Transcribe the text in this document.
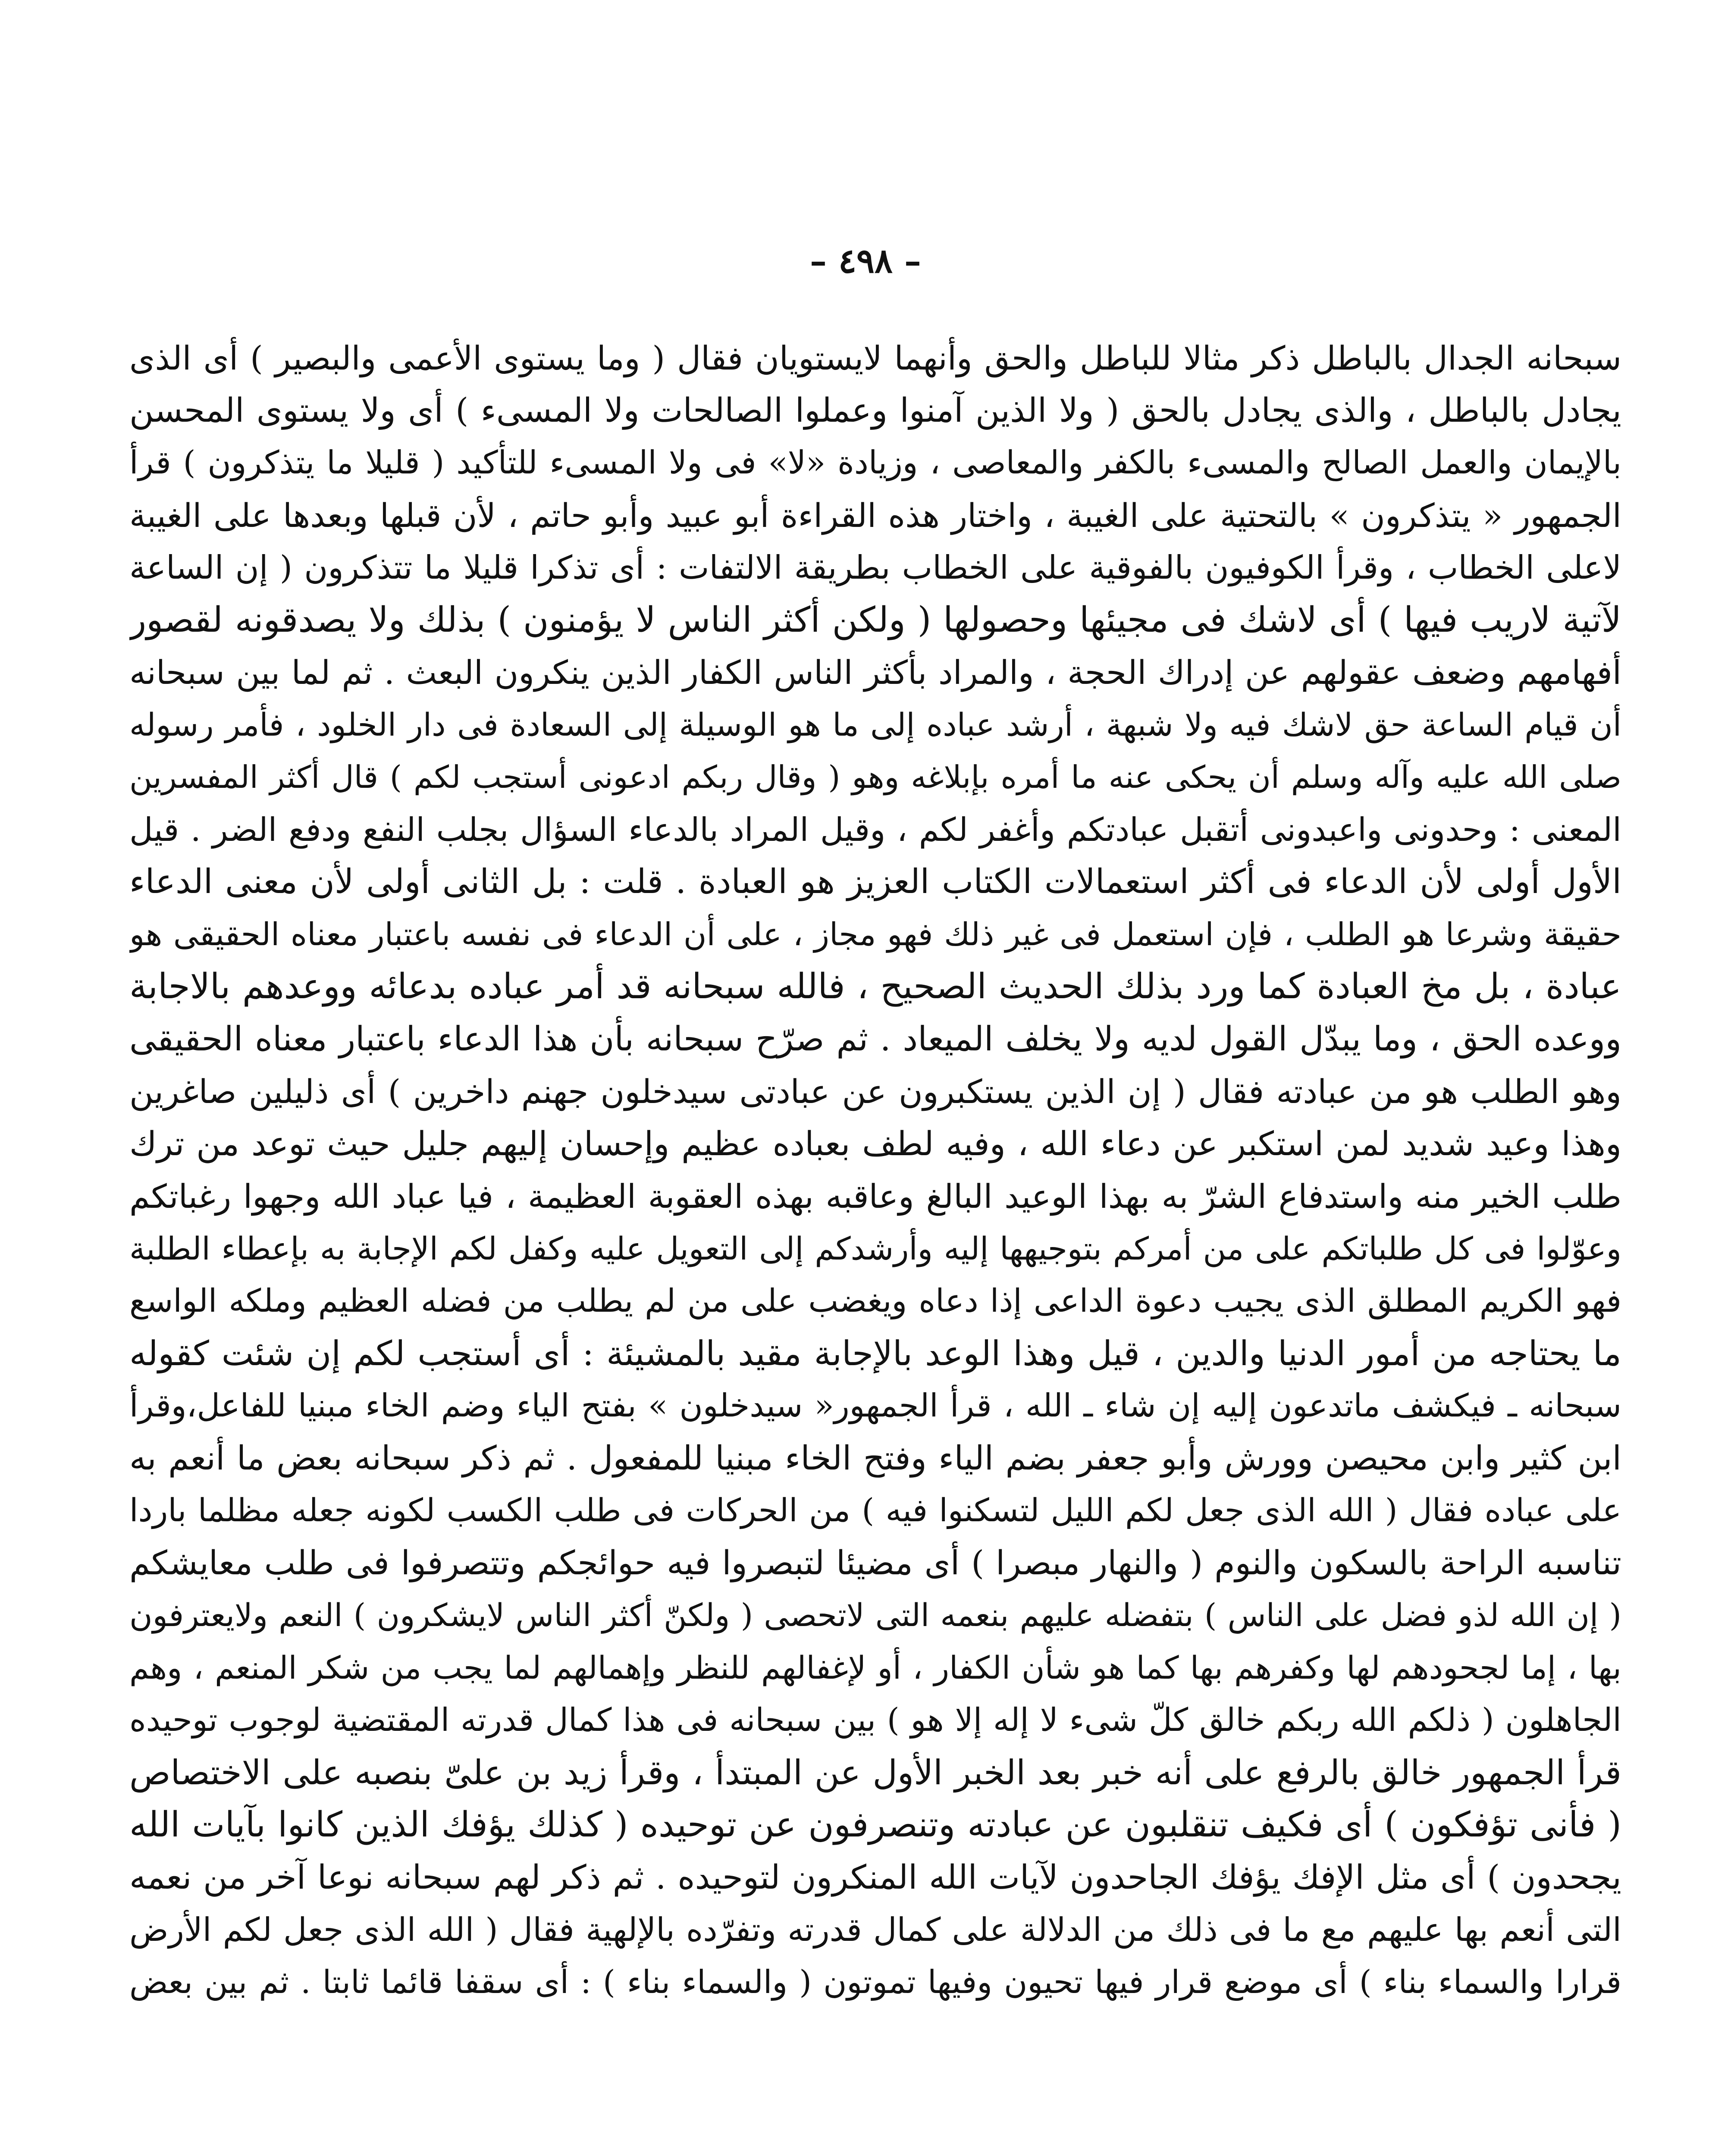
– ٤٩٨ –
سبحانه الجدال بالباطل ذكر مثالا للباطل والحق وأنهما لايستويان فقال ( وما يستوى الأعمى والبصير ) أى الذى
يجادل بالباطل ، والذى يجادل بالحق ( ولا الذين آمنوا وعملوا الصالحات ولا المسىء ) أى ولا يستوى المحسن
بالإيمان والعمل الصالح والمسىء بالكفر والمعاصى ، وزيادة «لا» فى ولا المسىء للتأكيد ( قليلا ما يتذكرون ) قرأ
الجمهور « يتذكرون » بالتحتية على الغيبة ، واختار هذه القراءة أبو عبيد وأبو حاتم ، لأن قبلها وبعدها على الغيبة
لاعلى الخطاب ، وقرأ الكوفيون بالفوقية على الخطاب بطريقة الالتفات : أى تذكرا قليلا ما تتذكرون ( إن الساعة
لآتية لاريب فيها ) أى لاشك فى مجيئها وحصولها ( ولكن أكثر الناس لا يؤمنون ) بذلك ولا يصدقونه لقصور
أفهامهم وضعف عقولهم عن إدراك الحجة ، والمراد بأكثر الناس الكفار الذين ينكرون البعث . ثم لما بين سبحانه
أن قيام الساعة حق لاشك فيه ولا شبهة ، أرشد عباده إلى ما هو الوسيلة إلى السعادة فى دار الخلود ، فأمر رسوله
صلى الله عليه وآله وسلم أن يحكى عنه ما أمره بإبلاغه وهو ( وقال ربكم ادعونى أستجب لكم ) قال أكثر المفسرين
المعنى : وحدونى واعبدونى أتقبل عبادتكم وأغفر لكم ، وقيل المراد بالدعاء السؤال بجلب النفع ودفع الضر . قيل
الأول أولى لأن الدعاء فى أكثر استعمالات الكتاب العزيز هو العبادة . قلت : بل الثانى أولى لأن معنى الدعاء
حقيقة وشرعا هو الطلب ، فإن استعمل فى غير ذلك فهو مجاز ، على أن الدعاء فى نفسه باعتبار معناه الحقيقى هو
عبادة ، بل مخ العبادة كما ورد بذلك الحديث الصحيح ، فالله سبحانه قد أمر عباده بدعائه ووعدهم بالاجابة
ووعده الحق ، وما يبدّل القول لديه ولا يخلف الميعاد . ثم صرّح سبحانه بأن هذا الدعاء باعتبار معناه الحقيقى
وهو الطلب هو من عبادته فقال ( إن الذين يستكبرون عن عبادتى سيدخلون جهنم داخرين ) أى ذليلين صاغرين
وهذا وعيد شديد لمن استكبر عن دعاء الله ، وفيه لطف بعباده عظيم وإحسان إليهم جليل حيث توعد من ترك
طلب الخير منه واستدفاع الشرّ به بهذا الوعيد البالغ وعاقبه بهذه العقوبة العظيمة ، فيا عباد الله وجهوا رغباتكم
وعوّلوا فى كل طلباتكم على من أمركم بتوجيهها إليه وأرشدكم إلى التعويل عليه وكفل لكم الإجابة به بإعطاء الطلبة
فهو الكريم المطلق الذى يجيب دعوة الداعى إذا دعاه ويغضب على من لم يطلب من فضله العظيم وملكه الواسع
ما يحتاجه من أمور الدنيا والدين ، قيل وهذا الوعد بالإجابة مقيد بالمشيئة : أى أستجب لكم إن شئت كقوله
سبحانه ـ فيكشف ماتدعون إليه إن شاء ـ الله ، قرأ الجمهور« سيدخلون » بفتح الياء وضم الخاء مبنيا للفاعل،وقرأ
ابن كثير وابن محيصن وورش وأبو جعفر بضم الياء وفتح الخاء مبنيا للمفعول . ثم ذكر سبحانه بعض ما أنعم به
على عباده فقال ( الله الذى جعل لكم الليل لتسكنوا فيه ) من الحركات فى طلب الكسب لكونه جعله مظلما باردا
تناسبه الراحة بالسكون والنوم ( والنهار مبصرا ) أى مضيئا لتبصروا فيه حوائجكم وتتصرفوا فى طلب معايشكم
( إن الله لذو فضل على الناس ) بتفضله عليهم بنعمه التى لاتحصى ( ولكنّ أكثر الناس لايشكرون ) النعم ولايعترفون
بها ، إما لجحودهم لها وكفرهم بها كما هو شأن الكفار ، أو لإغفالهم للنظر وإهمالهم لما يجب من شكر المنعم ، وهم
الجاهلون ( ذلكم الله ربكم خالق كلّ شىء لا إله إلا هو ) بين سبحانه فى هذا كمال قدرته المقتضية لوجوب توحيده
قرأ الجمهور خالق بالرفع على أنه خبر بعد الخبر الأول عن المبتدأ ، وقرأ زيد بن علىّ بنصبه على الاختصاص
( فأنى تؤفكون ) أى فكيف تنقلبون عن عبادته وتنصرفون عن توحيده ( كذلك يؤفك الذين كانوا بآيات الله
يجحدون ) أى مثل الإفك يؤفك الجاحدون لآيات الله المنكرون لتوحيده . ثم ذكر لهم سبحانه نوعا آخر من نعمه
التى أنعم بها عليهم مع ما فى ذلك من الدلالة على كمال قدرته وتفرّده بالإلهية فقال ( الله الذى جعل لكم الأرض
قرارا والسماء بناء ) أى موضع قرار فيها تحيون وفيها تموتون ( والسماء بناء ) : أى سقفا قائما ثابتا . ثم بين بعض
